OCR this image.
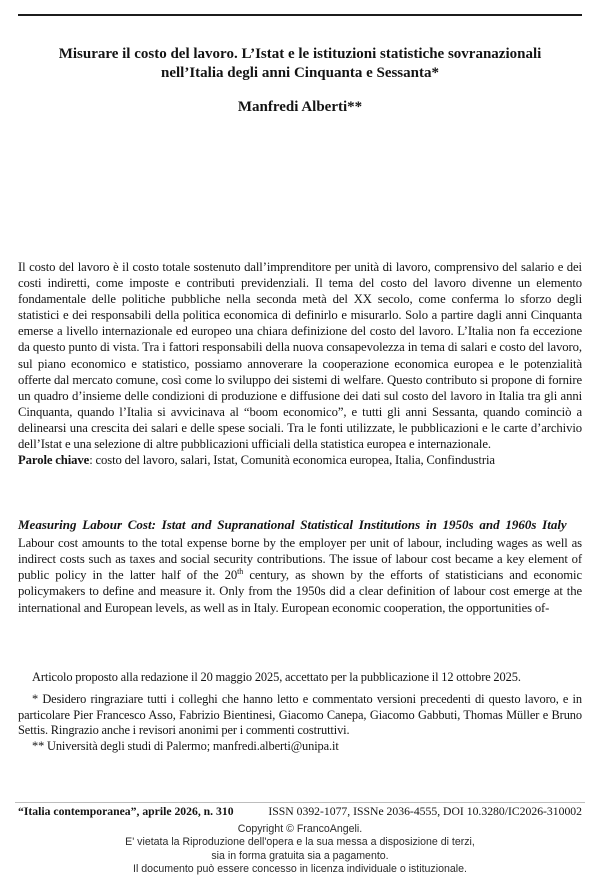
Misurare il costo del lavoro. L’Istat e le istituzioni statistiche sovranazionali nell’Italia degli anni Cinquanta e Sessanta*
Manfredi Alberti**
Il costo del lavoro è il costo totale sostenuto dall’imprenditore per unità di lavoro, comprensivo del salario e dei costi indiretti, come imposte e contributi previdenziali. Il tema del costo del lavoro divenne un elemento fondamentale delle politiche pubbliche nella seconda metà del XX secolo, come conferma lo sforzo degli statistici e dei responsabili della politica economica di definirlo e misurarlo. Solo a partire dagli anni Cinquanta emerse a livello internazionale ed europeo una chiara definizione del costo del lavoro. L’Italia non fa eccezione da questo punto di vista. Tra i fattori responsabili della nuova consapevolezza in tema di salari e costo del lavoro, sul piano economico e statistico, possiamo annoverare la cooperazione economica europea e le potenzialità offerte dal mercato comune, così come lo sviluppo dei sistemi di welfare. Questo contributo si propone di fornire un quadro d’insieme delle condizioni di produzione e diffusione dei dati sul costo del lavoro in Italia tra gli anni Cinquanta, quando l’Italia si avvicinava al “boom economico”, e tutti gli anni Sessanta, quando cominciò a delinearsi una crescita dei salari e delle spese sociali. Tra le fonti utilizzate, le pubblicazioni e le carte d’archivio dell’Istat e una selezione di altre pubblicazioni ufficiali della statistica europea e internazionale.
Parole chiave: costo del lavoro, salari, Istat, Comunità economica europea, Italia, Confindustria

Measuring Labour Cost: Istat and Supranational Statistical Institutions in 1950s and 1960s Italy

Labour cost amounts to the total expense borne by the employer per unit of labour, including wages as well as indirect costs such as taxes and social security contributions. The issue of labour cost became a key element of public policy in the latter half of the 20th century, as shown by the efforts of statisticians and economic policymakers to define and measure it. Only from the 1950s did a clear definition of labour cost emerge at the international and European levels, as well as in Italy. European economic cooperation, the opportunities of-

Articolo proposto alla redazione il 20 maggio 2025, accettato per la pubblicazione il 12 ottobre 2025.

* Desidero ringraziare tutti i colleghi che hanno letto e commentato versioni precedenti di questo lavoro, e in particolare Pier Francesco Asso, Fabrizio Bientinesi, Giacomo Canepa, Giacomo Gabbuti, Thomas Müller e Bruno Settis. Ringrazio anche i revisori anonimi per i commenti costruttivi.

** Università degli studi di Palermo; manfredi.alberti@unipa.it

“Italia contemporanea”, aprile 2026, n. 310	ISSN 0392-1077, ISSNe 2036-4555, DOI 10.3280/IC2026-310002
Copyright © FrancoAngeli.
E' vietata la Riproduzione dell'opera e la sua messa a disposizione di terzi,
sia in forma gratuita sia a pagamento.
Il documento può essere concesso in licenza individuale o istituzionale.
